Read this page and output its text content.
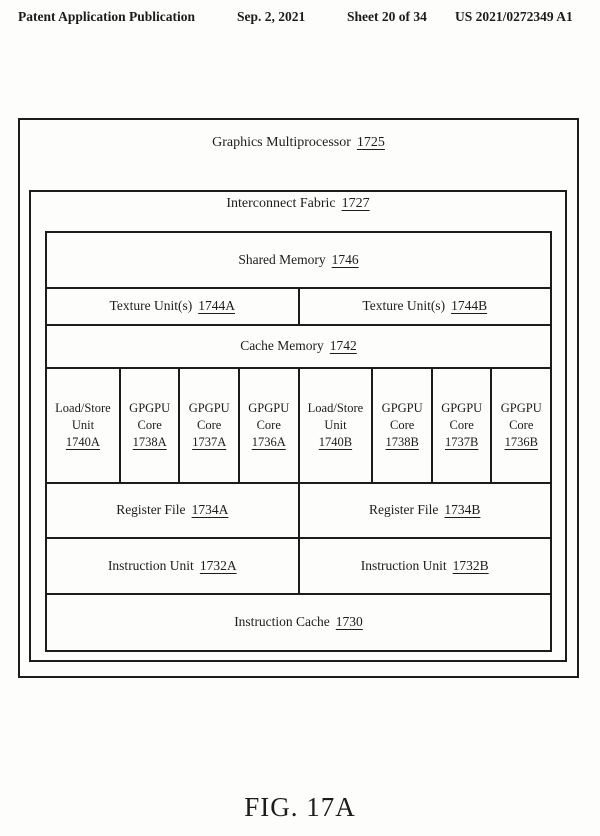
Patent Application Publication	Sep. 2, 2021	Sheet 20 of 34 US 2021/0272349 A1
Graphics Multiprocessor 1725
Interconnect Fabric 1727
Shared Memory 1746
Texture Unit(s) 1744A	Texture Unit(s) 1744B
Cache Memory 1742
Load/Store
Unit
1740A
GPGPU
Core
1738A
GPGPU
Core
1737A
GPGPU
Core
1736A
Load/Store
Unit
1740B
GPGPU
Core
1738B
GPGPU
Core
1737B
GPGPU
Core
1736B
Register File 1734A	Register File 1734B
Instruction Unit 1732A	Instruction Unit 1732B
Instruction Cache 1730
FIG. 17A
